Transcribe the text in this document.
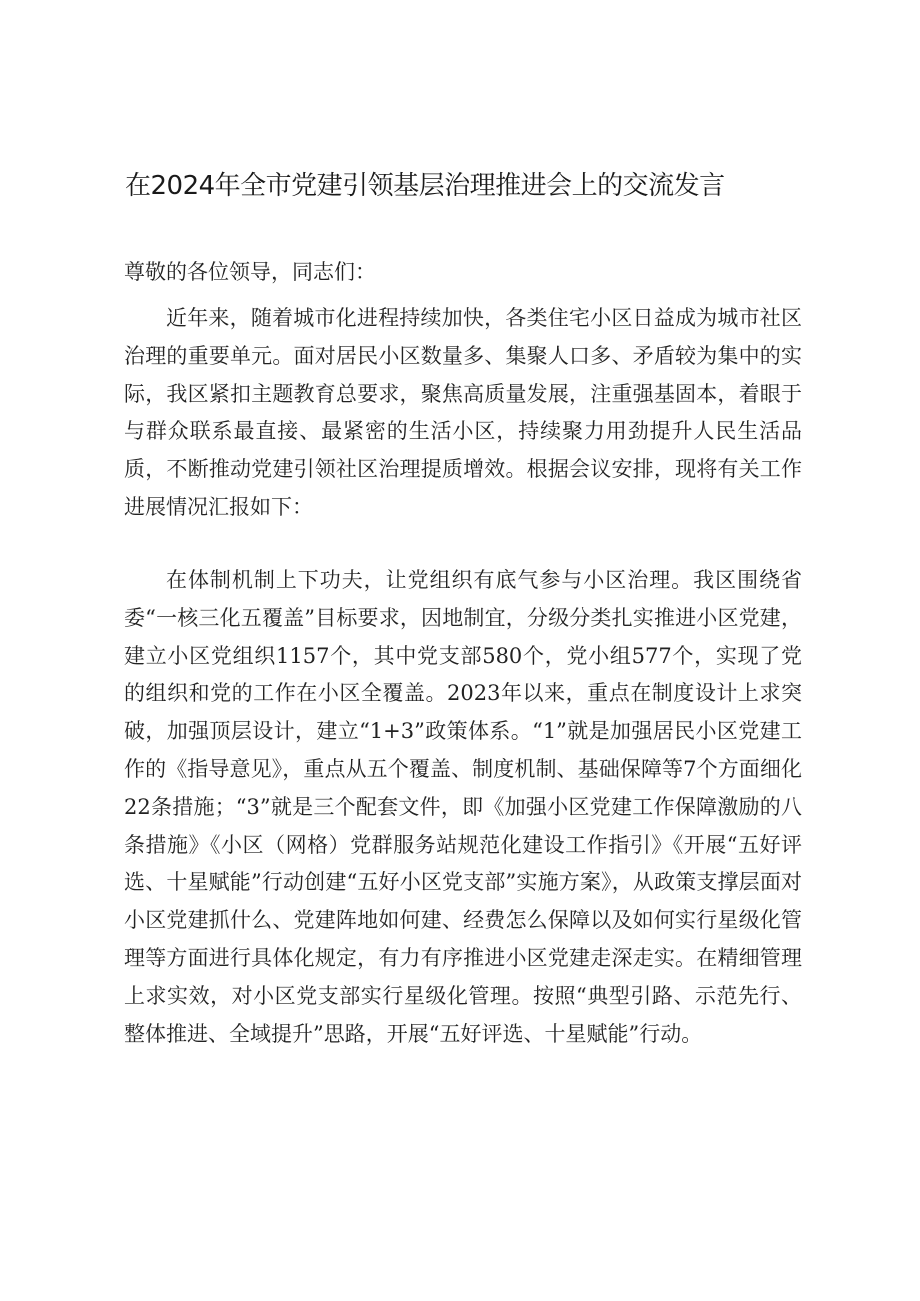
在2024年全市党建引领基层治理推进会上的交流发言
尊敬的各位领导，同志们：

近年来，随着城市化进程持续加快，各类住宅小区日益成为城市社区治理的重要单元。面对居民小区数量多、集聚人口多、矛盾较为集中的实际，我区紧扣主题教育总要求，聚焦高质量发展，注重强基固本，着眼于与群众联系最直接、最紧密的生活小区，持续聚力用劲提升人民生活品质，不断推动党建引领社区治理提质增效。根据会议安排，现将有关工作进展情况汇报如下：

在体制机制上下功夫，让党组织有底气参与小区治理。我区围绕省委“一核三化五覆盖”目标要求，因地制宜，分级分类扎实推进小区党建，建立小区党组织1157个，其中党支部580个，党小组577个，实现了党的组织和党的工作在小区全覆盖。2023年以来，重点在制度设计上求突破，加强顶层设计，建立“1+3”政策体系。“1”就是加强居民小区党建工作的《指导意见》，重点从五个覆盖、制度机制、基础保障等7个方面细化22条措施；“3”就是三个配套文件，即《加强小区党建工作保障激励的八条措施》《小区（网格）党群服务站规范化建设工作指引》《开展“五好评选、十星赋能”行动创建“五好小区党支部”实施方案》，从政策支撑层面对小区党建抓什么、党建阵地如何建、经费怎么保障以及如何实行星级化管理等方面进行具体化规定，有力有序推进小区党建走深走实。在精细管理上求实效，对小区党支部实行星级化管理。按照“典型引路、示范先行、整体推进、全域提升”思路，开展“五好评选、十星赋能”行动。
